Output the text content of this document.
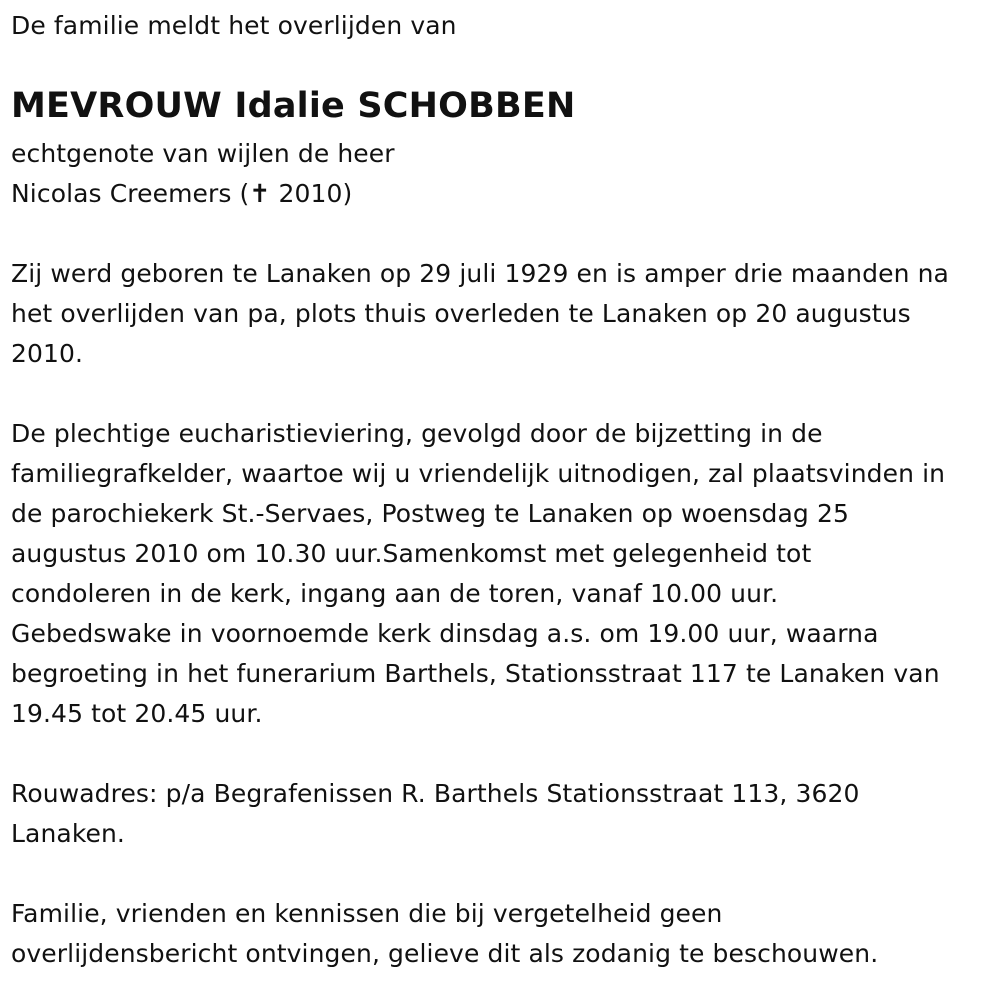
De familie meldt het overlijden van
MEVROUW Idalie SCHOBBEN
echtgenote van wijlen de heer
Nicolas Creemers (✝ 2010)
Zij werd geboren te Lanaken op 29 juli 1929 en is amper drie maanden na
het overlijden van pa, plots thuis overleden te Lanaken op 20 augustus
2010.
De plechtige eucharistieviering, gevolgd door de bijzetting in de
familiegrafkelder, waartoe wij u vriendelijk uitnodigen, zal plaatsvinden in
de parochiekerk St.-Servaes, Postweg te Lanaken op woensdag 25
augustus 2010 om 10.30 uur.Samenkomst met gelegenheid tot
condoleren in de kerk, ingang aan de toren, vanaf 10.00 uur.
Gebedswake in voornoemde kerk dinsdag a.s. om 19.00 uur, waarna
begroeting in het funerarium Barthels, Stationsstraat 117 te Lanaken van
19.45 tot 20.45 uur.
Rouwadres: p/a Begrafenissen R. Barthels Stationsstraat 113, 3620
Lanaken.
Familie, vrienden en kennissen die bij vergetelheid geen
overlijdensbericht ontvingen, gelieve dit als zodanig te beschouwen.
